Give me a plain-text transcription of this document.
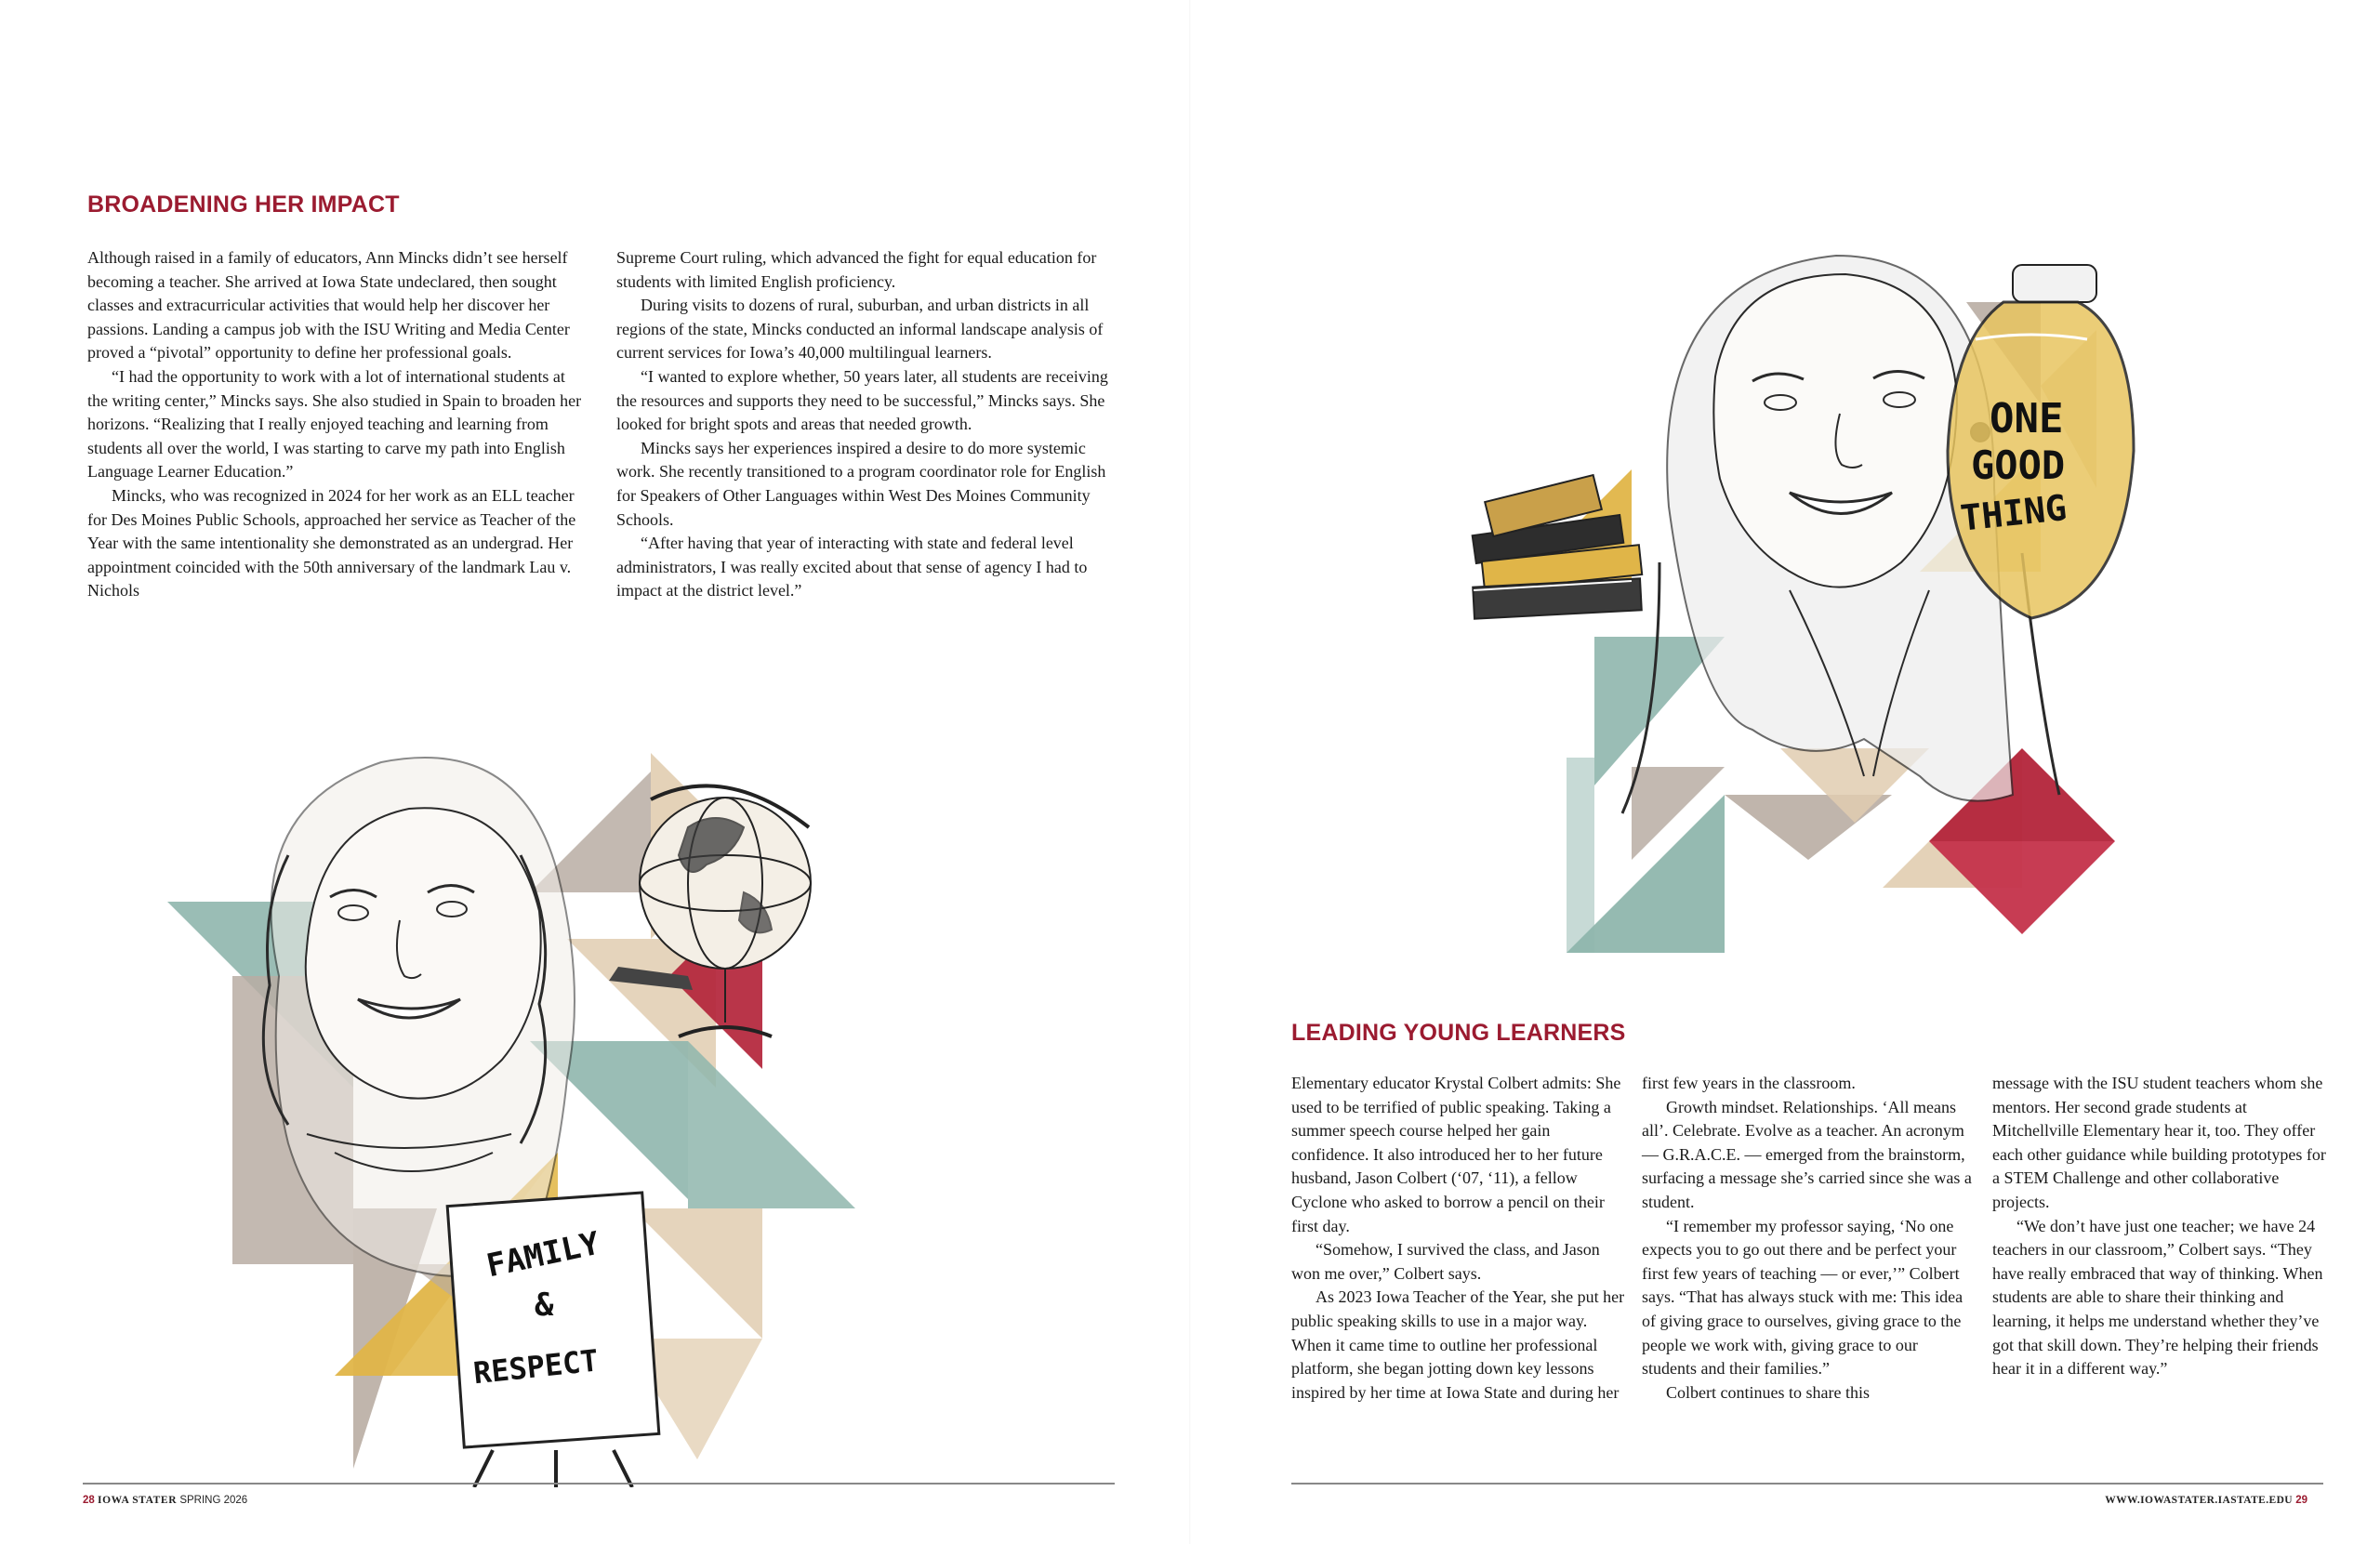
BROADENING HER IMPACT

Although raised in a family of educators, Ann Mincks didn’t see herself becoming a teacher. She arrived at Iowa State undeclared, then sought classes and extracurricular activities that would help her discover her passions. Landing a campus job with the ISU Writing and Media Center proved a “pivotal” opportunity to define her professional goals.

“I had the opportunity to work with a lot of international students at the writing center,” Mincks says. She also studied in Spain to broaden her horizons. “Realizing that I really enjoyed teaching and learning from students all over the world, I was starting to carve my path into English Language Learner Education.”

Mincks, who was recognized in 2024 for her work as an ELL teacher for Des Moines Public Schools, approached her service as Teacher of the Year with the same intentionality she demonstrated as an undergrad. Her appointment coincided with the 50th anniversary of the landmark Lau v. Nichols

Supreme Court ruling, which advanced the fight for equal education for students with limited English proficiency.

During visits to dozens of rural, suburban, and urban districts in all regions of the state, Mincks conducted an informal landscape analysis of current services for Iowa’s 40,000 multilingual learners.

“I wanted to explore whether, 50 years later, all students are receiving the resources and supports they need to be successful,” Mincks says. She looked for bright spots and areas that needed growth.

Mincks says her experiences inspired a desire to do more systemic work. She recently transitioned to a program coordinator role for English for Speakers of Other Languages within West Des Moines Community Schools.

“After having that year of interacting with state and federal level administrators, I was really excited about that sense of agency I had to impact at the district level.”

FAMILY
&
RESPECT
28 IOWA STATER SPRING 2026
ONE
GOOD
THING
LEADING YOUNG LEARNERS

Elementary educator Krystal Colbert admits: She used to be terrified of public speaking. Taking a summer speech course helped her gain confidence. It also introduced her to her future husband, Jason Colbert (‘07, ‘11), a fellow Cyclone who asked to borrow a pencil on their first day.

“Somehow, I survived the class, and Jason won me over,” Colbert says.

As 2023 Iowa Teacher of the Year, she put her public speaking skills to use in a major way. When it came time to outline her professional platform, she began jotting down key lessons inspired by her time at Iowa State and during her

first few years in the classroom.

Growth mindset. Relationships. ‘All means all’. Celebrate. Evolve as a teacher. An acronym — G.R.A.C.E. — emerged from the brainstorm, surfacing a message she’s carried since she was a student.

“I remember my professor saying, ‘No one expects you to go out there and be perfect your first few years of teaching — or ever,’” Colbert says. “That has always stuck with me: This idea of giving grace to ourselves, giving grace to the people we work with, giving grace to our students and their families.”

Colbert continues to share this

message with the ISU student teachers whom she mentors. Her second grade students at Mitchellville Elementary hear it, too. They offer each other guidance while building prototypes for a STEM Challenge and other collaborative projects.

“We don’t have just one teacher; we have 24 teachers in our classroom,” Colbert says. “They have really embraced that way of thinking. When students are able to share their thinking and learning, it helps me understand whether they’ve got that skill down. They’re helping their friends hear it in a different way.”

WWW.IOWASTATER.IASTATE.EDU 29
